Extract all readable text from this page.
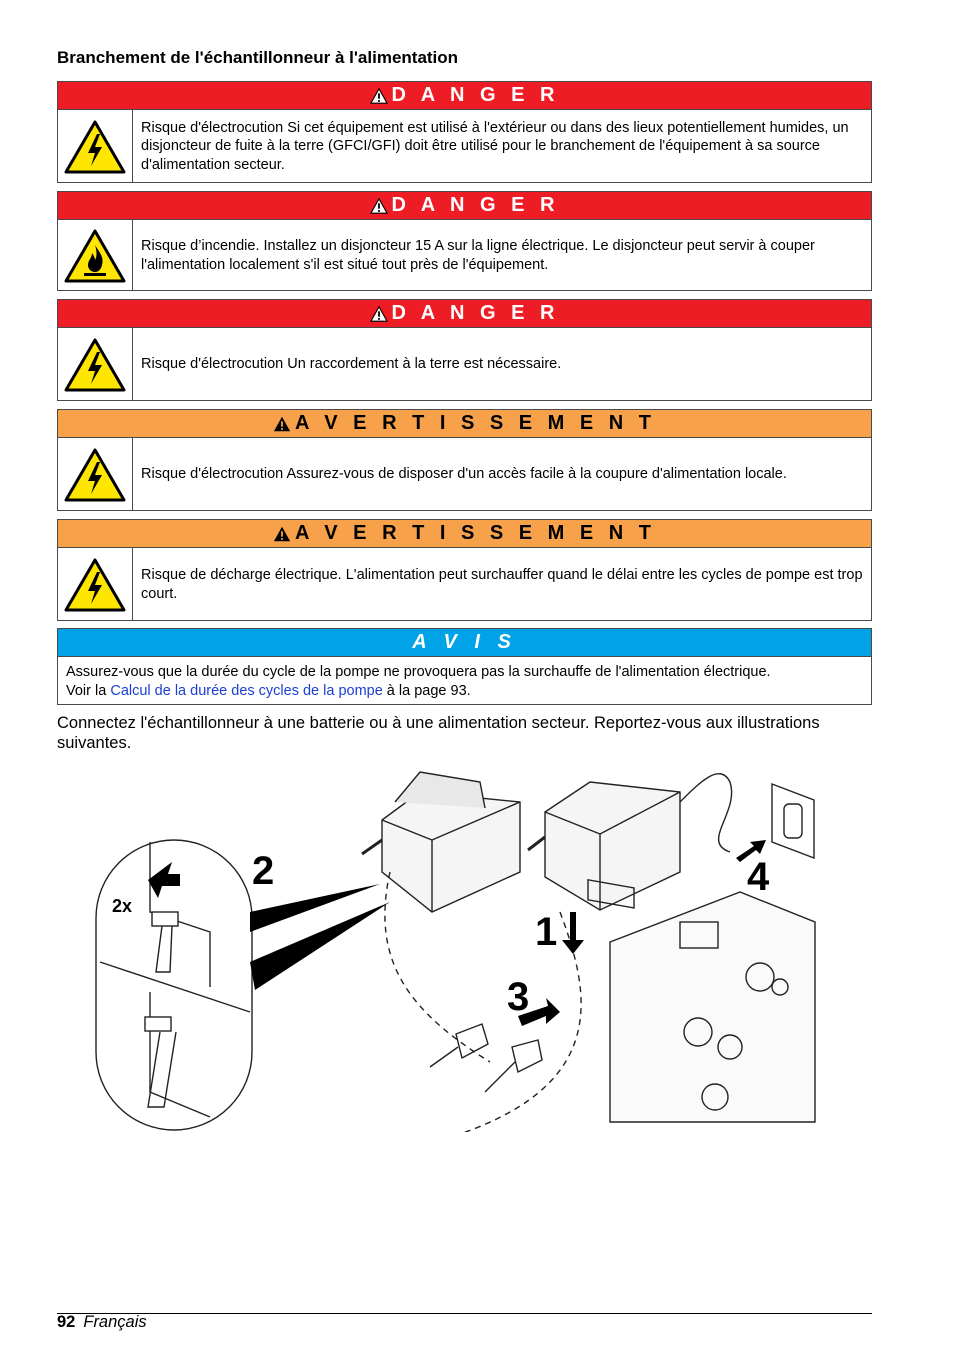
Branchement de l'échantillonneur à l'alimentation
D A N G E R
Risque d'électrocution Si cet équipement est utilisé à l'extérieur ou dans des lieux potentiellement humides, un disjoncteur de fuite à la terre (GFCI/GFI) doit être utilisé pour le branchement de l'équipement à sa source d'alimentation secteur.
D A N G E R
Risque d’incendie. Installez un disjoncteur 15 A sur la ligne électrique. Le disjoncteur peut servir à couper l'alimentation localement s'il est situé tout près de l'équipement.
D A N G E R
Risque d'électrocution Un raccordement à la terre est nécessaire.
A V E R T I S S E M E N T
Risque d'électrocution Assurez-vous de disposer d'un accès facile à la coupure d'alimentation locale.
A V E R T I S S E M E N T
Risque de décharge électrique. L'alimentation peut surchauffer quand le délai entre les cycles de pompe est trop court.
A V I S
Assurez-vous que la durée du cycle de la pompe ne provoquera pas la surchauffe de l'alimentation électrique.
Voir la Calcul de la durée des cycles de la pompe à la page 93.

Connectez l'échantillonneur à une batterie ou à une alimentation secteur. Reportez-vous aux illustrations suivantes.

2
1
3
4
2x
92 Français
